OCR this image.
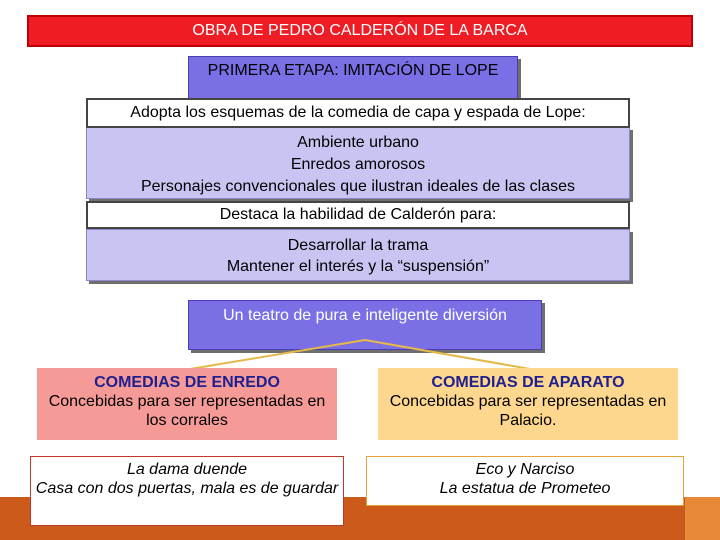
OBRA DE PEDRO CALDERÓN DE LA BARCA
PRIMERA ETAPA: IMITACIÓN DE LOPE
Adopta los esquemas de la comedia de capa y espada de Lope:
Ambiente urbano
Enredos amorosos
Personajes convencionales que ilustran ideales de las clases
Destaca la habilidad de Calderón para:
Desarrollar la trama
Mantener el interés y la “suspensión”
Un teatro de pura e inteligente diversión
COMEDIAS DE ENREDO
Concebidas para ser representadas en los corrales
COMEDIAS DE APARATO
Concebidas para ser representadas en Palacio.
La dama duende
Casa con dos puertas, mala es de guardar
Eco y Narciso
La estatua de Prometeo
